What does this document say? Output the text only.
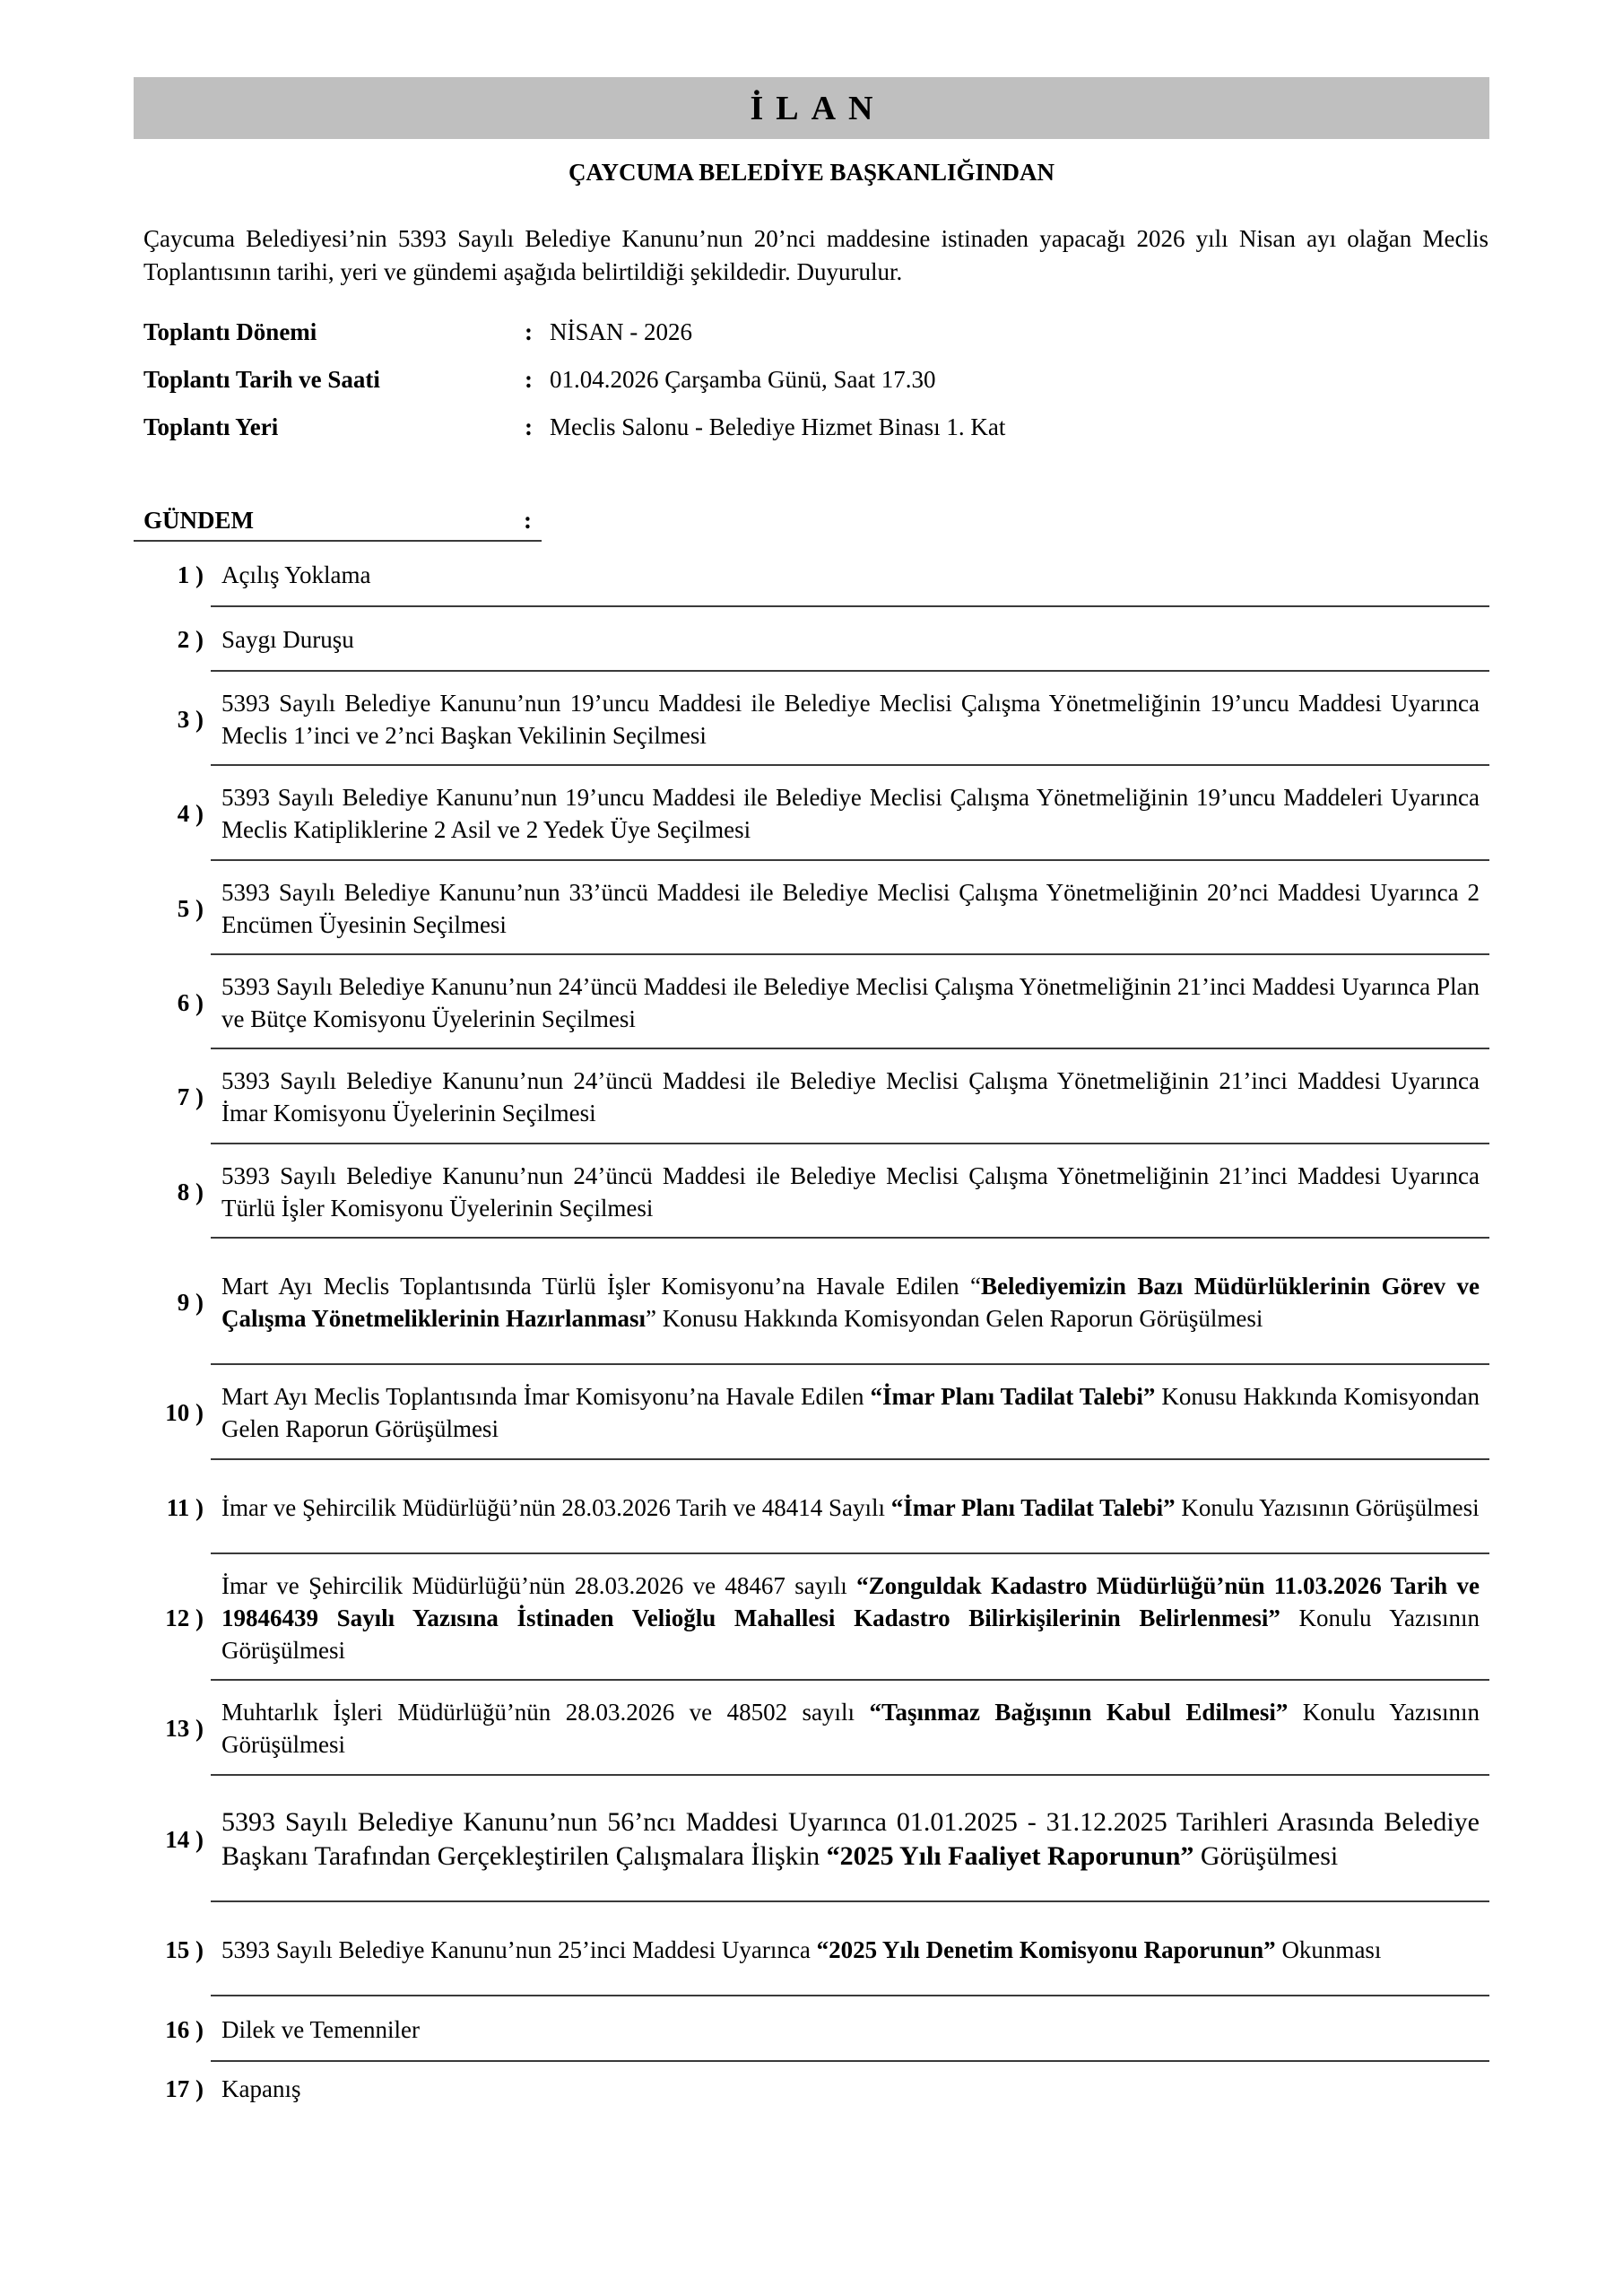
İLAN
ÇAYCUMA BELEDİYE BAŞKANLIĞINDAN
Çaycuma Belediyesi’nin 5393 Sayılı Belediye Kanunu’nun 20’nci maddesine istinaden yapacağı 2026 yılı Nisan ayı olağan Meclis Toplantısının tarihi, yeri ve gündemi aşağıda belirtildiği şekildedir. Duyurulur.
Toplantı Dönemi	: NİSAN - 2026
Toplantı Tarih ve Saati	: 01.04.2026 Çarşamba Günü, Saat 17.30
Toplantı Yeri	: Meclis Salonu - Belediye Hizmet Binası 1. Kat
GÜNDEM	:
1 ) Açılış Yoklama
2 ) Saygı Duruşu
3 )
5393 Sayılı Belediye Kanunu’nun 19’uncu Maddesi ile Belediye Meclisi Çalışma Yönetmeliğinin 19’uncu Maddesi Uyarınca Meclis 1’inci ve 2’nci Başkan Vekilinin Seçilmesi
4 )
5393 Sayılı Belediye Kanunu’nun 19’uncu Maddesi ile Belediye Meclisi Çalışma Yönetmeliğinin 19’uncu Maddeleri Uyarınca Meclis Katipliklerine 2 Asil ve 2 Yedek Üye Seçilmesi
5 )
5393 Sayılı Belediye Kanunu’nun 33’üncü Maddesi ile Belediye Meclisi Çalışma Yönetmeliğinin 20’nci Maddesi Uyarınca 2 Encümen Üyesinin Seçilmesi
6 )
5393 Sayılı Belediye Kanunu’nun 24’üncü Maddesi ile Belediye Meclisi Çalışma Yönetmeliğinin 21’inci Maddesi Uyarınca Plan ve Bütçe Komisyonu Üyelerinin Seçilmesi
7 )
5393 Sayılı Belediye Kanunu’nun 24’üncü Maddesi ile Belediye Meclisi Çalışma Yönetmeliğinin 21’inci Maddesi Uyarınca İmar Komisyonu Üyelerinin Seçilmesi
8 )
5393 Sayılı Belediye Kanunu’nun 24’üncü Maddesi ile Belediye Meclisi Çalışma Yönetmeliğinin 21’inci Maddesi Uyarınca Türlü İşler Komisyonu Üyelerinin Seçilmesi
9 )
Mart Ayı Meclis Toplantısında Türlü İşler Komisyonu’na Havale Edilen “Belediyemizin Bazı Müdürlüklerinin Görev ve Çalışma Yönetmeliklerinin Hazırlanması” Konusu Hakkında Komisyondan Gelen Raporun Görüşülmesi
10 )
Mart Ayı Meclis Toplantısında İmar Komisyonu’na Havale Edilen “İmar Planı Tadilat Talebi” Konusu Hakkında Komisyondan Gelen Raporun Görüşülmesi
11 ) İmar ve Şehircilik Müdürlüğü’nün 28.03.2026 Tarih ve 48414 Sayılı “İmar Planı Tadilat Talebi” Konulu Yazısının Görüşülmesi
12 )
İmar ve Şehircilik Müdürlüğü’nün 28.03.2026 ve 48467 sayılı “Zonguldak Kadastro Müdürlüğü’nün 11.03.2026 Tarih ve 19846439 Sayılı Yazısına İstinaden Velioğlu Mahallesi Kadastro Bilirkişilerinin Belirlenmesi” Konulu Yazısının Görüşülmesi
13 )
Muhtarlık İşleri Müdürlüğü’nün 28.03.2026 ve 48502 sayılı “Taşınmaz Bağışının Kabul Edilmesi” Konulu Yazısının Görüşülmesi
14 )
5393 Sayılı Belediye Kanunu’nun 56’ncı Maddesi Uyarınca 01.01.2025 - 31.12.2025 Tarihleri Arasında Belediye Başkanı Tarafından Gerçekleştirilen Çalışmalara İlişkin “2025 Yılı Faaliyet Raporunun” Görüşülmesi
15 ) 5393 Sayılı Belediye Kanunu’nun 25’inci Maddesi Uyarınca “2025 Yılı Denetim Komisyonu Raporunun” Okunması
16 ) Dilek ve Temenniler
17 ) Kapanış
